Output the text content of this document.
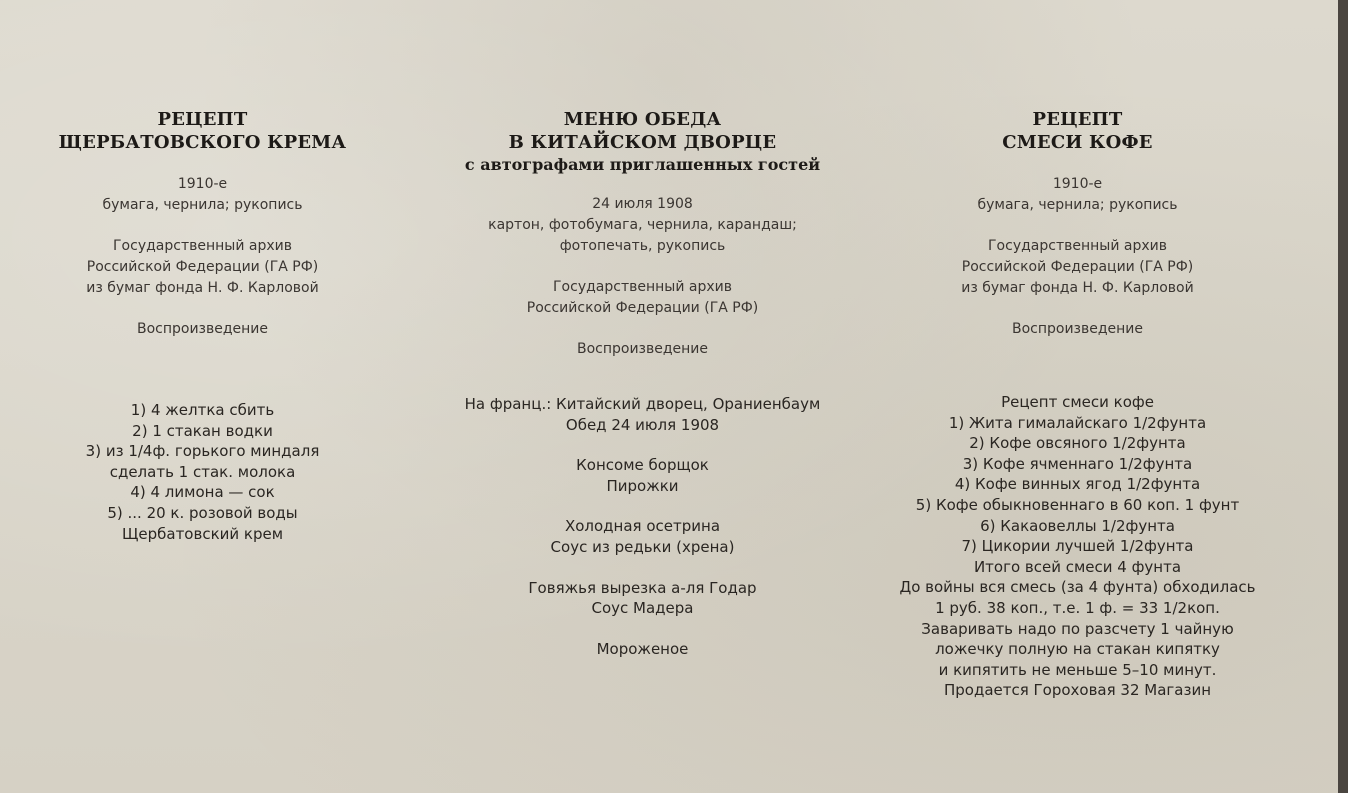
РЕЦЕПТ
ЩЕРБАТОВСКОГО КРЕМА
1910-е
бумага, чернила; рукопись
Государственный архив
Российской Федерации (ГА РФ)
из бумаг фонда Н. Ф. Карловой
Воспроизведение
1) 4 желтка сбить
2) 1 стакан водки
3) из 1/4ф. горького миндаля
сделать 1 стак. молока
4) 4 лимона — сок
5) ... 20 к. розовой воды
Щербатовский крем
МЕНЮ ОБЕДА
В КИТАЙСКОМ ДВОРЦЕ
с автографами приглашенных гостей
24 июля 1908
картон, фотобумага, чернила, карандаш;
фотопечать, рукопись
Государственный архив
Российской Федерации (ГА РФ)
Воспроизведение
На франц.: Китайский дворец, Ораниенбаум
Обед 24 июля 1908
Консоме борщок
Пирожки
Холодная осетрина
Соус из редьки (хрена)
Говяжья вырезка а-ля Годар
Соус Мадера
Мороженое
РЕЦЕПТ
СМЕСИ КОФЕ
1910-е
бумага, чернила; рукопись
Государственный архив
Российской Федерации (ГА РФ)
из бумаг фонда Н. Ф. Карловой
Воспроизведение
Рецепт смеси кофе
1) Жита гималайскаго 1/2фунта
2) Кофе овсяного 1/2фунта
3) Кофе ячменнаго 1/2фунта
4) Кофе винных ягод 1/2фунта
5) Кофе обыкновеннаго в 60 коп. 1 фунт
6) Какаовеллы 1/2фунта
7) Цикории лучшей 1/2фунта
Итого всей смеси 4 фунта
До войны вся смесь (за 4 фунта) обходилась
1 руб. 38 коп., т.е. 1 ф. = 33 1/2коп.
Заваривать надо по разсчету 1 чайную
ложечку полную на стакан кипятку
и кипятить не меньше 5–10 минут.
Продается Гороховая 32 Магазин
